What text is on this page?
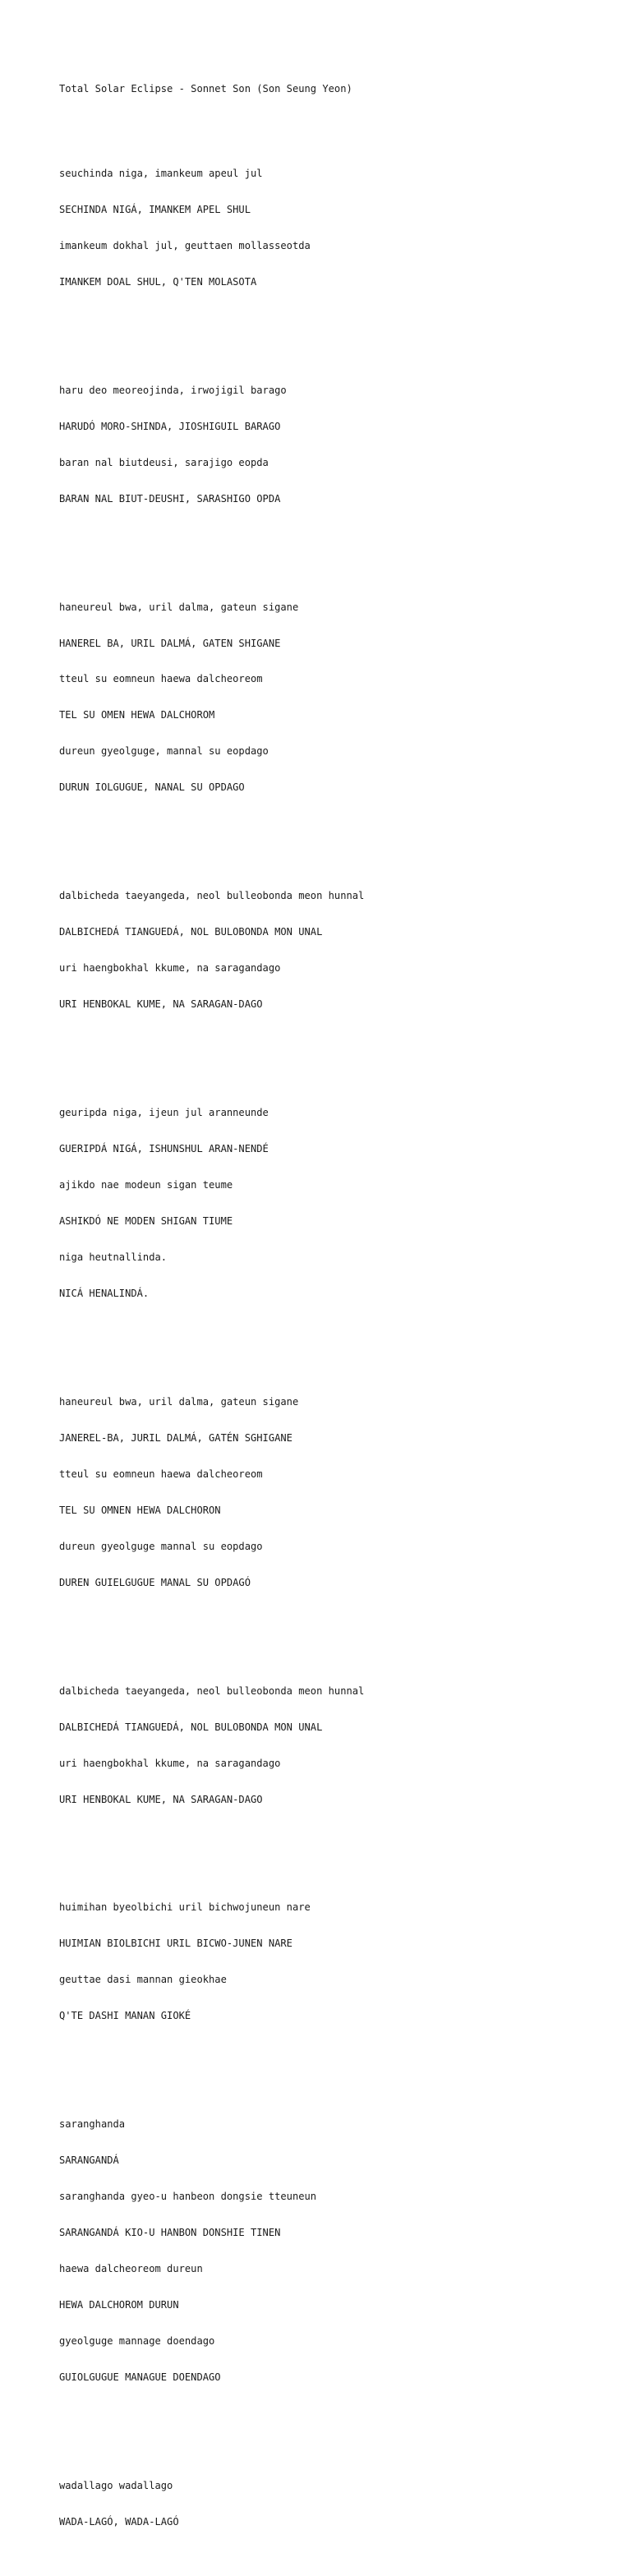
Total Solar Eclipse - Sonnet Son (Son Seung Yeon)

seuchinda niga, imankeum apeul jul

SECHINDA NIGÁ, IMANKEM APEL SHUL

imankeum dokhal jul, geuttaen mollasseotda

IMANKEM DOAL SHUL, Q'TEN MOLASOTA

haru deo meoreojinda, irwojigil barago

HARUDÓ MORO-SHINDA, JIOSHIGUIL BARAGO

baran nal biutdeusi, sarajigo eopda

BARAN NAL BIUT-DEUSHI, SARASHIGO OPDA

haneureul bwa, uril dalma, gateun sigane

HANEREL BA, URIL DALMÁ, GATEN SHIGANE

tteul su eomneun haewa dalcheoreom

TEL SU OMEN HEWA DALCHOROM

dureun gyeolguge, mannal su eopdago

DURUN IOLGUGUE, NANAL SU OPDAGO

dalbicheda taeyangeda, neol bulleobonda meon hunnal

DALBICHEDÁ TIANGUEDÁ, NOL BULOBONDA MON UNAL

uri haengbokhal kkume, na saragandago

URI HENBOKAL KUME, NA SARAGAN-DAGO

geuripda niga, ijeun jul aranneunde

GUERIPDÁ NIGÁ, ISHUNSHUL ARAN-NENDÉ

ajikdo nae modeun sigan teume

ASHIKDÓ NE MODEN SHIGAN TIUME

niga heutnallinda.

NICÁ HENALINDÁ.

haneureul bwa, uril dalma, gateun sigane

JANEREL-BA, JURIL DALMÁ, GATÉN SGHIGANE

tteul su eomneun haewa dalcheoreom

TEL SU OMNEN HEWA DALCHORON

dureun gyeolguge mannal su eopdago

DUREN GUIELGUGUE MANAL SU OPDAGÓ

dalbicheda taeyangeda, neol bulleobonda meon hunnal

DALBICHEDÁ TIANGUEDÁ, NOL BULOBONDA MON UNAL

uri haengbokhal kkume, na saragandago

URI HENBOKAL KUME, NA SARAGAN-DAGO

huimihan byeolbichi uril bichwojuneun nare

HUIMIAN BIOLBICHI URIL BICWO-JUNEN NARE

geuttae dasi mannan gieokhae

Q'TE DASHI MANAN GIOKÉ

saranghanda

SARANGANDÁ

saranghanda gyeo-u hanbeon dongsie tteuneun

SARANGANDÁ KIO-U HANBON DONSHIE TINEN

haewa dalcheoreom dureun

HEWA DALCHOROM DURUN

gyeolguge mannage doendago

GUIOLGUGUE MANAGUE DOENDAGO

wadallago wadallago

WADA-LAGÓ, WADA-LAGÓ
